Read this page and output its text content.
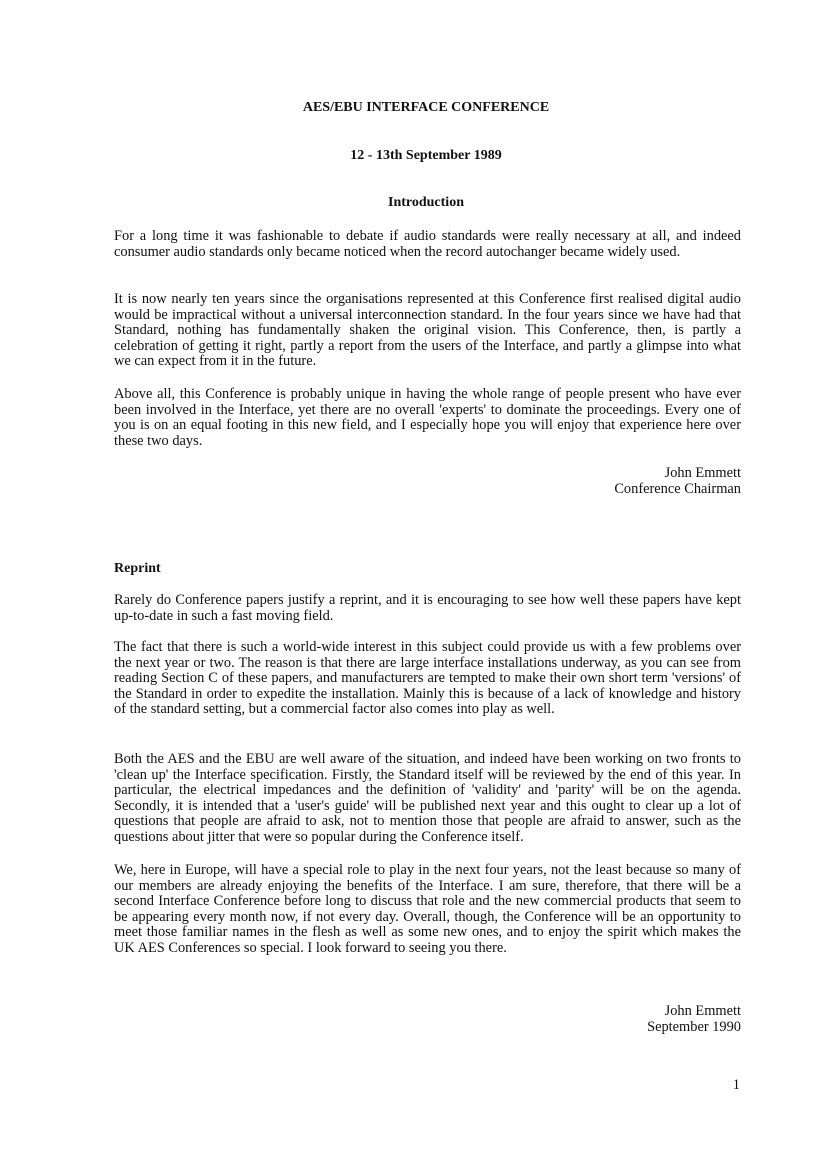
AES/EBU INTERFACE CONFERENCE

12 - 13th September 1989

Introduction

For a long time it was fashionable to debate if audio standards were really necessary at all, and indeed consumer audio standards only became noticed when the record autochanger became widely used.

It is now nearly ten years since the organisations represented at this Conference first realised digital audio would be impractical without a universal interconnection standard. In the four years since we have had that Standard, nothing has fundamentally shaken the original vision. This Conference, then, is partly a celebration of getting it right, partly a report from the users of the Interface, and partly a glimpse into what we can expect from it in the future.

Above all, this Conference is probably unique in having the whole range of people present who have ever been involved in the Interface, yet there are no overall 'experts' to dominate the proceedings. Every one of you is on an equal footing in this new field, and I especially hope you will enjoy that experience here over these two days.

John Emmett
Conference Chairman

Reprint

Rarely do Conference papers justify a reprint, and it is encouraging to see how well these papers have kept up-to-date in such a fast moving field.

The fact that there is such a world-wide interest in this subject could provide us with a few problems over the next year or two. The reason is that there are large interface installations underway, as you can see from reading Section C of these papers, and manufacturers are tempted to make their own short term 'versions' of the Standard in order to expedite the installation. Mainly this is because of a lack of knowledge and history of the standard setting, but a commercial factor also comes into play as well.

Both the AES and the EBU are well aware of the situation, and indeed have been working on two fronts to 'clean up' the Interface specification. Firstly, the Standard itself will be reviewed by the end of this year. In particular, the electrical impedances and the definition of 'validity' and 'parity' will be on the agenda. Secondly, it is intended that a 'user's guide' will be published next year and this ought to clear up a lot of questions that people are afraid to ask, not to mention those that people are afraid to answer, such as the questions about jitter that were so popular during the Conference itself.

We, here in Europe, will have a special role to play in the next four years, not the least because so many of our members are already enjoying the benefits of the Interface. I am sure, therefore, that there will be a second Interface Conference before long to discuss that role and the new commercial products that seem to be appearing every month now, if not every day. Overall, though, the Conference will be an opportunity to meet those familiar names in the flesh as well as some new ones, and to enjoy the spirit which makes the UK AES Conferences so special. I look forward to seeing you there.

John Emmett
September 1990

1
